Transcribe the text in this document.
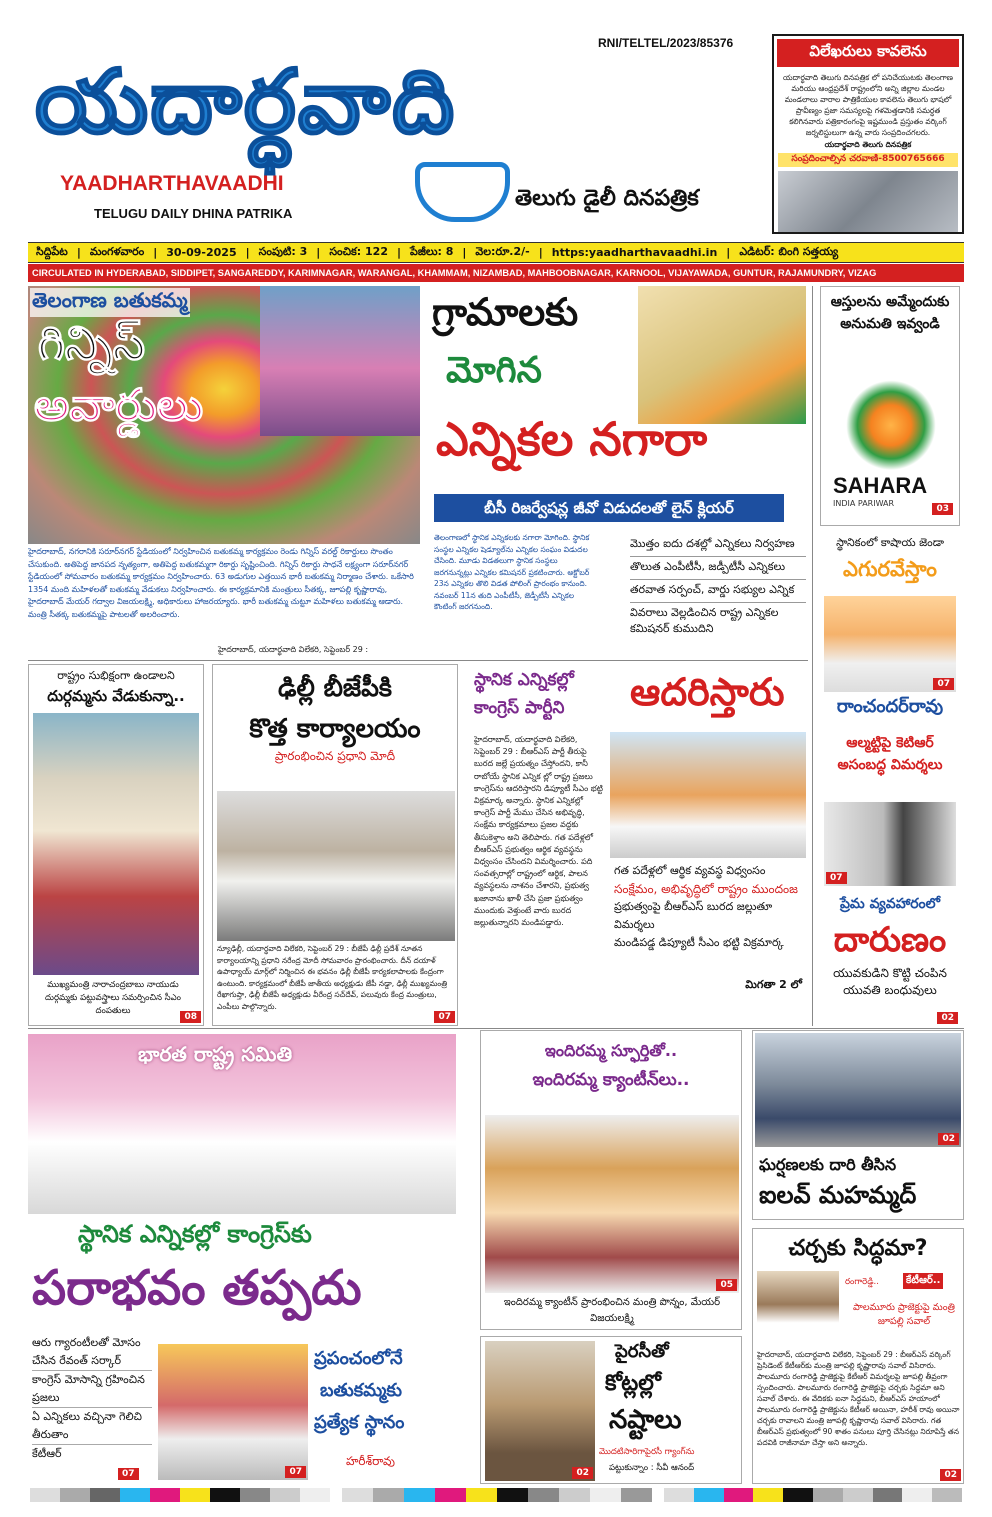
RNI/TELTEL/2023/85376
యదార్ధవాది
YAADHARTHAVAADHI
TELUGU DAILY DHINA PATRIKA
తెలుగు డైలీ దినపత్రిక
విలేఖరులు కావలెను
యదార్థవాది తెలుగు దినపత్రిక లో పనిచేయుటకు తెలంగాణ మరియు ఆంధ్రప్రదేశ్ రాష్ట్రంలోని అన్ని జిల్లాల మండల మండలాలు వారాల పాత్రికేయుల కావలెను తెలుగు భాషలో ప్రావీణ్యం ప్రజా సమస్యలపై గళమెత్తడానికి సమర్ధత కలిగినవారు పత్రికారంగంపై ఇష్టముండి ప్రస్తుతం వర్కింగ్ జర్నలిస్టులుగా ఉన్న వారు సంప్రదించగలరు.
యదార్థవాది తెలుగు దినపత్రిక
సంప్రదించాల్సిన చరవాణి-8500765666
సిద్దిపేట | మంగళవారం | 30-09-2025 | సంపుటి: 3 | సంచిక: 122 | పేజీలు: 8 | వెల:రూ.2/- | https:yaadharthavaadhi.in | ఎడిటర్: బింగి సత్తయ్య
CIRCULATED IN HYDERABAD, SIDDIPET, SANGAREDDY, KARIMNAGAR, WARANGAL, KHAMMAM, NIZAMBAD, MAHBOOBNAGAR, KARNOOL, VIJAYAWADA, GUNTUR, RAJAMUNDRY, VIZAG
తెలంగాణ బతుకమ్మ
గిన్నిస్
అవార్డులు
హైదరాబాద్, నగరానికి సరూర్‌నగర్ స్టేడియంలో నిర్వహించిన బతుకమ్మ కార్యక్రమం రెండు గిన్నిస్ వరల్డ్ రికార్డులు సొంతం చేసుకుంది. అతిపెద్ద జానపద నృత్యంగా, అతిపెద్ద బతుకమ్మగా రికార్డు సృష్టించింది. గిన్నిస్ రికార్డు సాధనే లక్ష్యంగా సరూర్‌నగర్ స్టేడియంలో సోమవారం బతుకమ్మ కార్యక్రమం నిర్వహించారు. 63 అడుగుల ఎత్తయిన భారీ బతుకమ్మ నిర్మాణం చేశారు. ఒకేసారి 1354 మంది మహిళలతో బతుకమ్మ వేడుకలు నిర్వహించారు. ఈ కార్యక్రమానికి మంత్రులు సీతక్క, జూపల్లి కృష్ణారావు, హైదరాబాద్ మేయర్ గద్వాల విజయలక్ష్మి, అధికారులు హాజరయ్యారు. భారీ బతుకమ్మ చుట్టూ మహిళలు బతుకమ్మ ఆడారు. మంత్రి సీతక్క బతుకమ్మపై పాటలతో అలరించారు.
హైదరాబాద్, యదార్థవాది విలేకరి, సెప్టెంబర్ 29 :
గ్రామాలకు
మోగిన
ఎన్నికల నగారా
బీసీ రిజర్వేషన్ల జీవో విడుదలతో లైన్ క్లియర్
తెలంగాణలో స్థానిక ఎన్నికలకు నగారా మోగింది. స్థానిక సంస్థల ఎన్నికల షెడ్యూల్‌ను ఎన్నికల సంఘం విడుదల చేసింది. మూడు విడతలుగా స్థానిక సంస్థలు జరగనున్నట్లు ఎన్నికల కమిషనర్ ప్రకటించారు. అక్టోబర్ 23న ఎన్నికల తొలి విడత పోలింగ్ ప్రారంభం కానుంది. నవంబర్ 11న తుది ఎంపీటీసీ, జెడ్పీటీసీ ఎన్నికల కౌంటింగ్ జరగనుంది.
మొత్తం ఐదు దశల్లో ఎన్నికలు నిర్వహణ
తొలుత ఎంపీటీసీ, జడ్పీటీసీ ఎన్నికలు
తరవాత సర్పంచ్, వార్డు సభ్యుల ఎన్నిక
వివరాలు వెల్లడించిన రాష్ట్ర ఎన్నికల కమిషనర్ కుముదిని
ఆస్తులను అమ్మేందుకు అనుమతి ఇవ్వండి
SAHARA
INDIA PARIWAR
03
స్థానికంలో కాషాయ జెండా
ఎగురవేస్తాం
07
రాంచందర్‌రావు
ఆల్మట్టిపై కెటిఆర్ అసంబద్ధ విమర్శలు
07
ప్రేమ వ్యవహారంలో
దారుణం
యువకుడిని కొట్టి చంపిన యువతి బంధువులు
02
రాష్ట్రం సుభిక్షంగా ఉండాలని
దుర్గమ్మను వేడుకున్నా..
ముఖ్యమంత్రి నారాచంద్రబాబు నాయుడు దుర్గమ్మకు పట్టువస్త్రాలు సమర్పించిన సీఎం దంపతులు
08
ఢిల్లీ బీజేపీకి
కొత్త కార్యాలయం
ప్రారంభించిన ప్రధాని మోదీ
న్యూఢిల్లీ, యదార్థవాది విలేకరి, సెప్టెంబర్ 29 : బీజేపీ ఢిల్లీ ప్రదేశ్ నూతన కార్యాలయాన్ని ప్రధాని నరేంద్ర మోదీ సోమవారం ప్రారంభించారు. దీన్ దయాళ్ ఉపాధ్యాయ్ మార్గ్‌లో నిర్మించిన ఈ భవనం ఢిల్లీ బీజేపీ కార్యకలాపాలకు కేంద్రంగా ఉంటుంది. కార్యక్రమంలో బీజేపీ జాతీయ అధ్యక్షుడు జేపీ నడ్డా, ఢిల్లీ ముఖ్యమంత్రి రేఖాగుప్తా, ఢిల్లీ బీజేపీ అధ్యక్షుడు వీరేంద్ర సచ్‌దేవ్, పలువురు కేంద్ర మంత్రులు, ఎంపీలు పాల్గొన్నారు.
07
స్థానిక ఎన్నికల్లో
కాంగ్రెస్ పార్టీని ఆదరిస్తారు
హైదరాబాద్, యదార్థవాది విలేకరి, సెప్టెంబర్ 29 : బీఆర్‌ఎస్ పార్టీ తీరుపై బురద జల్లే ప్రయత్నం చేస్తోందని, కానీ రాబోయే స్థానిక ఎన్నిక ల్లో రాష్ట్ర ప్రజలు కాంగ్రెస్‌ను ఆదరిస్తారని డిప్యూటీ సీఎం భట్టి విక్రమార్క అన్నారు. స్థానిక ఎన్నికల్లో కాంగ్రెస్ పార్టీ మేము చేసిన అభివృద్ధి, సంక్షేమ కార్యక్రమాలు ప్రజల వద్దకు తీసుకెళ్తాం అని తెలిపారు. గత పదేళ్లలో బీఆర్‌ఎస్ ప్రభుత్వం ఆర్థిక వ్యవస్థను విధ్వంసం చేసిందని విమర్శించారు. పది సంవత్సరాల్లో రాష్ట్రంలో ఆర్థిక, పాలన వ్యవస్థలను నాశనం చేశారని, ప్రభుత్వ ఖజానాను ఖాళీ చేసి ప్రజా ప్రభుత్వం ముందుకు వెళ్తుంటే వారు బురద జల్లుతున్నారని మండిపడ్డారు.
గత పదేళ్లలో ఆర్థిక వ్యవస్థ విధ్వంసం
సంక్షేమం, అభివృద్ధిలో రాష్ట్రం ముందంజ
ప్రభుత్వంపై బీఆర్‌ఎస్ బురద జల్లుతూ విమర్శలు
మండిపడ్డ డిప్యూటీ సీఎం భట్టి విక్రమార్క
మిగతా 2 లో
భారత రాష్ట్ర సమితి
స్థానిక ఎన్నికల్లో కాంగ్రెస్‌కు
పరాభవం తప్పదు
ఆరు గ్యారంటీలతో మోసం చేసిన రేవంత్ సర్కార్
కాంగ్రెస్ మోసాన్ని గ్రహించిన ప్రజలు
ఏ ఎన్నికలు వచ్చినా గెలిచి తీరుతాం
కేటీఆర్
07	07
ప్రపంచంలోనే
బతుకమ్మకు
ప్రత్యేక స్థానం
హరీశ్‌రావు
ఇందిరమ్మ స్ఫూర్తితో..
ఇందిరమ్మ క్యాంటీన్‌లు..
05
ఇందిరమ్మ క్యాంటీన్ ప్రారంభించిన మంత్రి పొన్నం, మేయర్ విజయలక్ష్మి
02
పైరసీతో
కోట్లల్లో
నష్టాలు
మొదటిసారిగాపైరసీ గ్యాంగ్‌ను
పట్టుకున్నాం : సీవీ ఆనంద్
02
ఘర్షణలకు దారి తీసిన
ఐలవ్ మహమ్మద్
చర్చకు సిద్ధమా?
రంగారెడ్డి..	కేటీఆర్..
పాలమూరు ప్రాజెక్టుపై మంత్రి జూపల్లి సవాల్
హైదరాబాద్, యదార్థవాది విలేకరి, సెప్టెంబర్ 29 : బీఆర్‌ఎస్ వర్కింగ్ ప్రెసిడెంట్ కేటీఆర్‌కు మంత్రి జూపల్లి కృష్ణారావు సవాల్ విసిరారు. పాలమూరు రంగారెడ్డి ప్రాజెక్టుపై కేటీఆర్ విమర్శలపై జూపల్లి తీవ్రంగా స్పందించారు. పాలమూరు రంగారెడ్డి ప్రాజెక్టుపై చర్చకు సిద్ధమా అని సవాల్ చేశారు. ఈ వేదికకు ఐనా సిద్ధమని, బీఆర్‌ఎస్ హయాంలో పాలమూరు రంగారెడ్డి ప్రాజెక్టును కేటీఆర్ అయినా, హరీశ్ రావు అయినా చర్చకు రావాలని మంత్రి జూపల్లి కృష్ణారావు సవాల్ విసిరారు. గత బీఆర్‌ఎస్ ప్రభుత్వంలో 90 శాతం పనులు పూర్తి చేసినట్లు నిరూపిస్తే తన పదవికి రాజీనామా చేస్తా అని అన్నారు.
02
